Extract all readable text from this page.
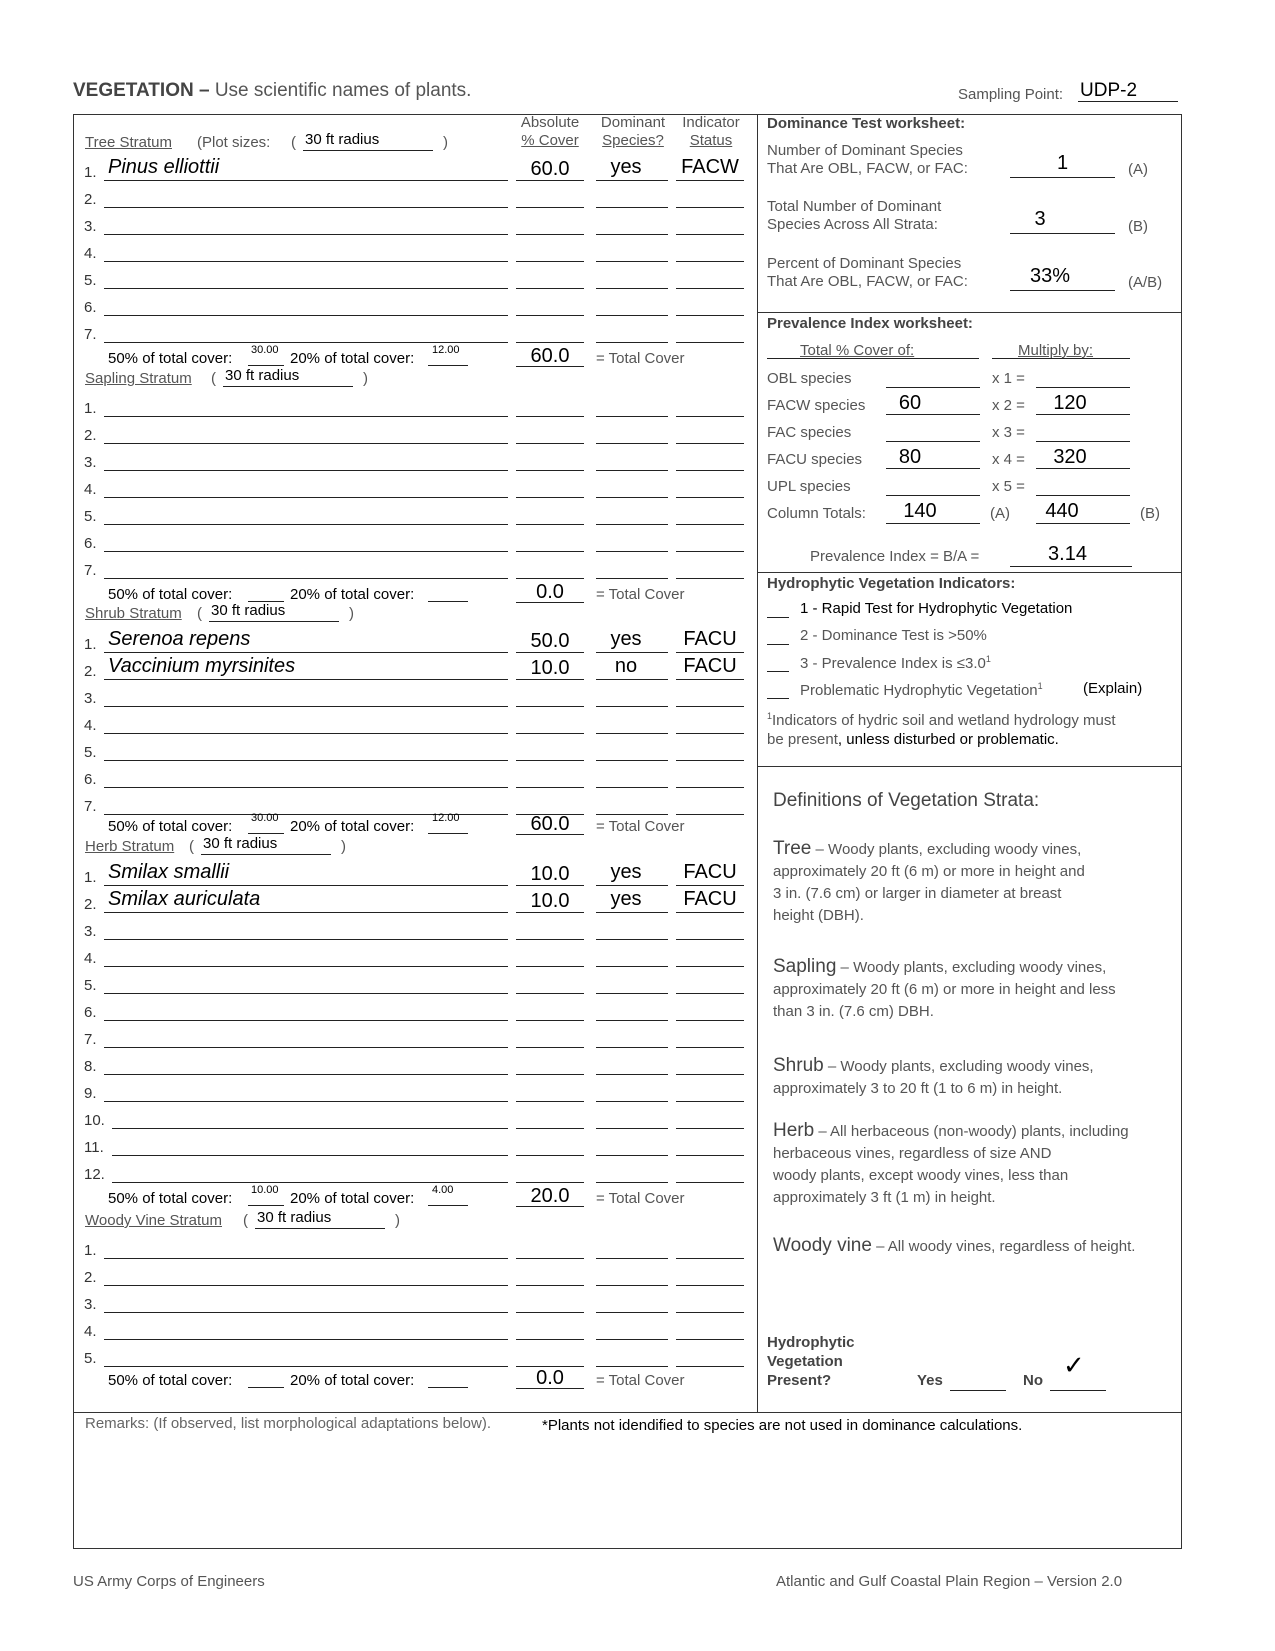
VEGETATION – Use scientific names of plants.	Sampling Point: UDP-2
Absolute
% Cover
Dominant
Species?
Indicator
Status
Tree Stratum (Plot sizes: ( 30 ft radius	)
1. Pinus elliottii	60.0	yes	FACW
2.
3.
4.
5.
6.
7.
50% of total cover: 30.00 20% of total cover: 12.00	60.0	= Total Cover
Sapling Stratum ( 30 ft radius	)
1.
2.
3.
4.
5.
6.
7.
50% of total cover:	20% of total cover:	0.0	= Total Cover
Shrub Stratum ( 30 ft radius	)
1. Serenoa repens	50.0	yes	FACU
2. Vaccinium myrsinites	10.0	no	FACU
3.
4.
5.
6.
7.
50% of total cover: 30.00 20% of total cover: 12.00	60.0	= Total Cover
Herb Stratum ( 30 ft radius	)
1. Smilax smallii	10.0	yes	FACU
2. Smilax auriculata	10.0	yes	FACU
3.
4.
5.
6.
7.
8.
9.
10.
11.
12.
50% of total cover: 10.00 20% of total cover: 4.00	20.0	= Total Cover
Woody Vine Stratum ( 30 ft radius	)
1.
2.
3.
4.
5.
50% of total cover:	20% of total cover:	0.0	= Total Cover
Dominance Test worksheet:
Number of Dominant Species
That Are OBL, FACW, or FAC:	1	(A)
Total Number of Dominant
Species Across All Strata:	3	(B)
Percent of Dominant Species
That Are OBL, FACW, or FAC:	33%	(A/B)
Prevalence Index worksheet:
Total % Cover of:	Multiply by:
OBL species	x 1 =
FACW species	60	x 2 =	120
FAC species	x 3 =
FACU species	80	x 4 =	320
UPL species	x 5 =
Column Totals:	140	(A)	440	(B)
Prevalence Index = B/A =	3.14
Hydrophytic Vegetation Indicators:
1 - Rapid Test for Hydrophytic Vegetation
2 - Dominance Test is >50%
3 - Prevalence Index is $\le 3.0^1$
Problematic Hydrophytic Vegetation$^1$	(Explain)
$^1$Indicators of hydric soil and wetland hydrology must
be present, unless disturbed or problematic.
Definitions of Vegetation Strata:
Tree – Woody plants, excluding woody vines,
approximately 20 ft (6 m) or more in height and
3 in. (7.6 cm) or larger in diameter at breast
height (DBH).
Sapling – Woody plants, excluding woody vines,
approximately 20 ft (6 m) or more in height and less
than 3 in. (7.6 cm) DBH.
Shrub – Woody plants, excluding woody vines,
approximately 3 to 20 ft (1 to 6 m) in height.
Herb – All herbaceous (non-woody) plants, including
herbaceous vines, regardless of size AND
woody plants, except woody vines, less than
approximately 3 ft (1 m) in height.
Woody vine – All woody vines, regardless of height.
Hydrophytic
Vegetation
Present?	Yes	No
✓
Remarks: (If observed, list morphological adaptations below).	*Plants not idendified to species are not used in dominance calculations.
US Army Corps of Engineers	Atlantic and Gulf Coastal Plain Region – Version 2.0
